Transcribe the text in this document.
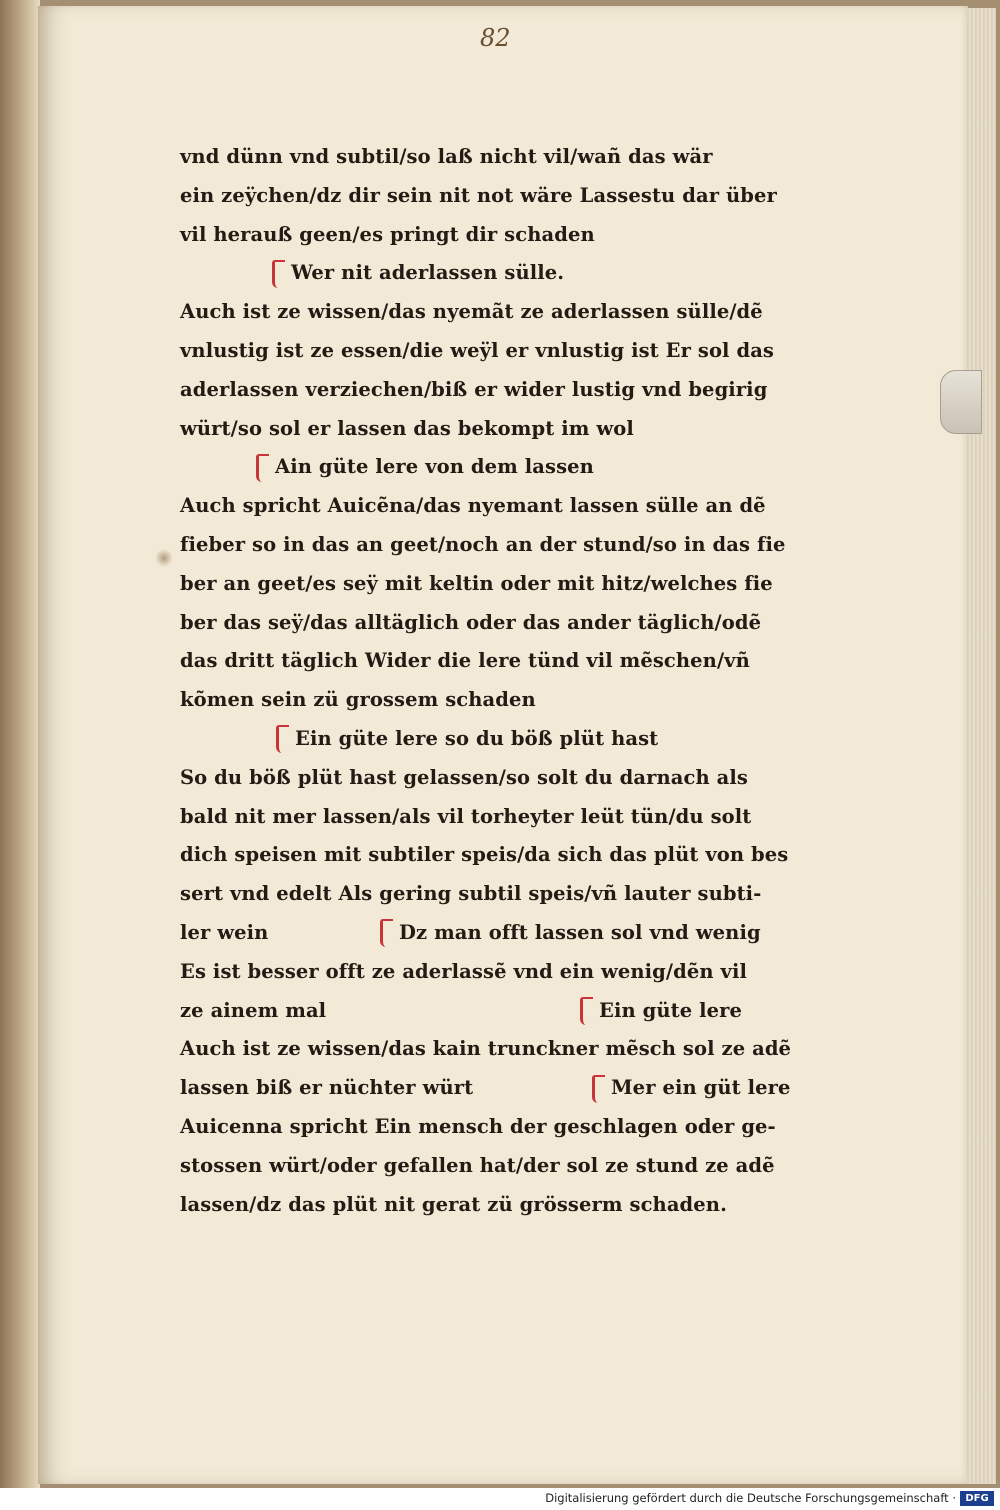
82
vnd dünn vnd subtil/so laß nicht vil/wañ das wär
ein zeÿchen/dz dir sein nit not wäre Lassestu dar über
vil herauß geen/es pringt dir schaden
Wer nit aderlassen sülle.
Auch ist ze wissen/das nyemãt ze aderlassen sülle/dẽ
vnlustig ist ze essen/die weÿl er vnlustig ist Er sol das
aderlassen verziechen/biß er wider lustig vnd begirig
würt/so sol er lassen das bekompt im wol
Ain güte lere von dem lassen
Auch spricht Auicẽna/das nyemant lassen sülle an dẽ
fieber so in das an geet/noch an der stund/so in das fie
ber an geet/es seÿ mit keltin oder mit hitz/welches fie
ber das seÿ/das alltäglich oder das ander täglich/odẽ
das dritt täglich Wider die lere tünd vil mẽschen/vñ
kõmen sein zü grossem schaden
Ein güte lere so du böß plüt hast
So du böß plüt hast gelassen/so solt du darnach als
bald nit mer lassen/als vil torheyter leüt tün/du solt
dich speisen mit subtiler speis/da sich das plüt von bes
sert vnd edelt Als gering subtil speis/vñ lauter subti-
ler wein	Dz man offt lassen sol vnd wenig
Es ist besser offt ze aderlassẽ vnd ein wenig/dẽn vil
ze ainem mal	Ein güte lere
Auch ist ze wissen/das kain trunckner mẽsch sol ze adẽ
lassen biß er nüchter würt	Mer ein güt lere
Auicenna spricht Ein mensch der geschlagen oder ge-
stossen würt/oder gefallen hat/der sol ze stund ze adẽ
lassen/dz das plüt nit gerat zü grösserm schaden.
Digitalisierung gefördert durch die Deutsche Forschungsgemeinschaft · DFG
